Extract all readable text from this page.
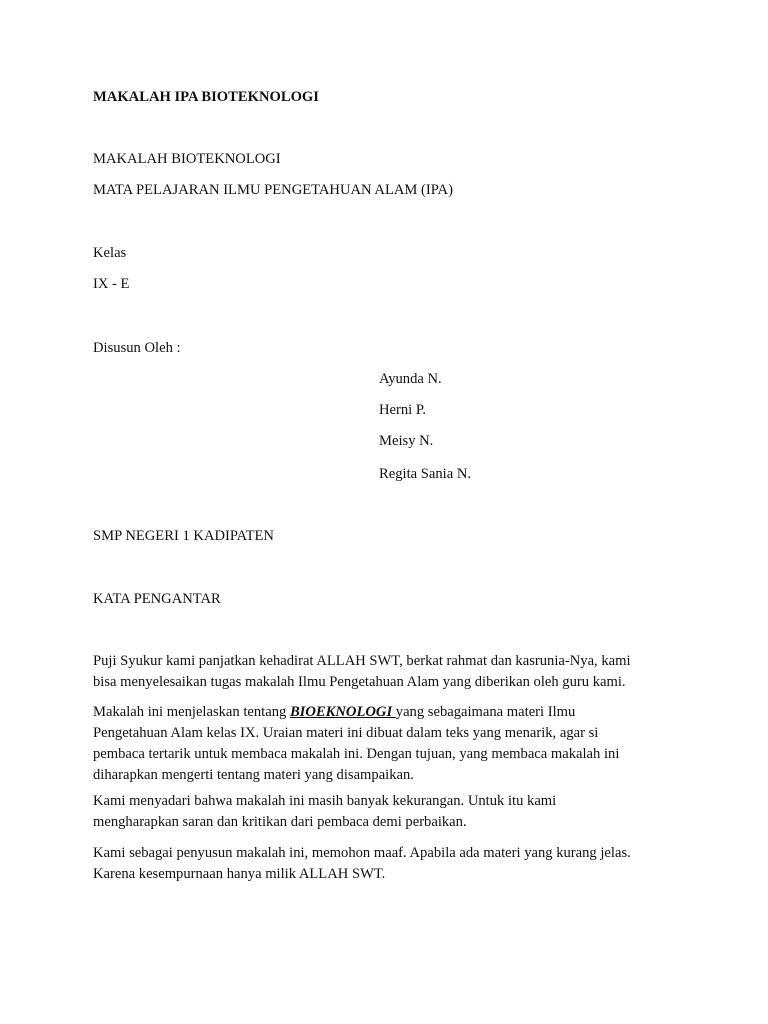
MAKALAH IPA BIOTEKNOLOGI
MAKALAH BIOTEKNOLOGI
MATA PELAJARAN ILMU PENGETAHUAN ALAM (IPA)
Kelas
IX - E
Disusun Oleh :
Ayunda N.
Herni P.
Meisy N.
Regita Sania N.
SMP NEGERI 1 KADIPATEN
KATA PENGANTAR
Puji Syukur kami panjatkan kehadirat ALLAH SWT, berkat rahmat dan kasrunia-Nya, kami
bisa menyelesaikan tugas makalah Ilmu Pengetahuan Alam yang diberikan oleh guru kami.
Makalah ini menjelaskan tentang BIOEKNOLOGI yang sebagaimana materi Ilmu
Pengetahuan Alam kelas IX. Uraian materi ini dibuat dalam teks yang menarik, agar si
pembaca tertarik untuk membaca makalah ini. Dengan tujuan, yang membaca makalah ini
diharapkan mengerti tentang materi yang disampaikan.
Kami menyadari bahwa makalah ini masih banyak kekurangan. Untuk itu kami
mengharapkan saran dan kritikan dari pembaca demi perbaikan.
Kami sebagai penyusun makalah ini, memohon maaf. Apabila ada materi yang kurang jelas.
Karena kesempurnaan hanya milik ALLAH SWT.
